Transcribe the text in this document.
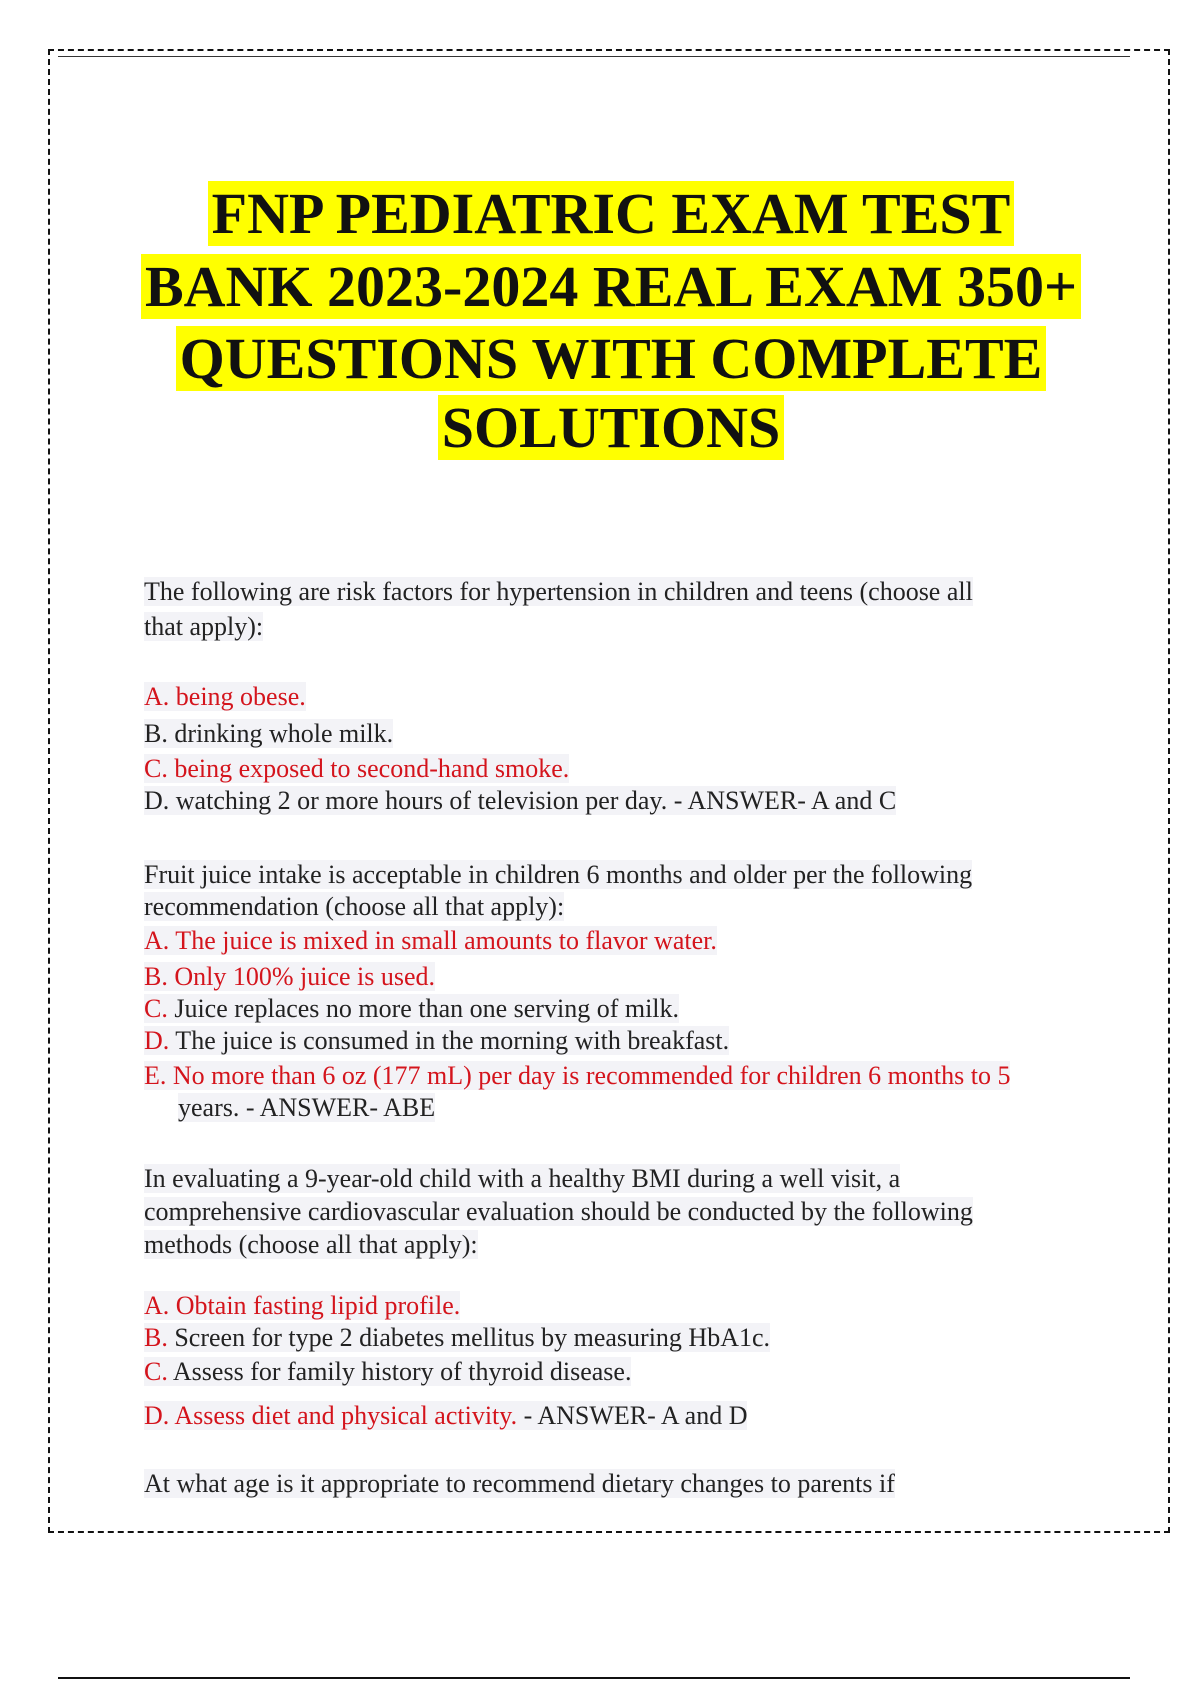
FNP PEDIATRIC EXAM TEST
BANK 2023-2024 REAL EXAM 350+
QUESTIONS WITH COMPLETE
SOLUTIONS
The following are risk factors for hypertension in children and teens (choose all
that apply):
A. being obese.
B. drinking whole milk.
C. being exposed to second-hand smoke.
D. watching 2 or more hours of television per day. - ANSWER- A and C
Fruit juice intake is acceptable in children 6 months and older per the following
recommendation (choose all that apply):
A. The juice is mixed in small amounts to flavor water.
B. Only 100% juice is used.
C. Juice replaces no more than one serving of milk.
D. The juice is consumed in the morning with breakfast.
E. No more than 6 oz (177 mL) per day is recommended for children 6 months to 5
years. - ANSWER- ABE
In evaluating a 9-year-old child with a healthy BMI during a well visit, a
comprehensive cardiovascular evaluation should be conducted by the following
methods (choose all that apply):
A. Obtain fasting lipid profile.
B. Screen for type 2 diabetes mellitus by measuring HbA1c.
C. Assess for family history of thyroid disease.
D. Assess diet and physical activity. - ANSWER- A and D
At what age is it appropriate to recommend dietary changes to parents if
